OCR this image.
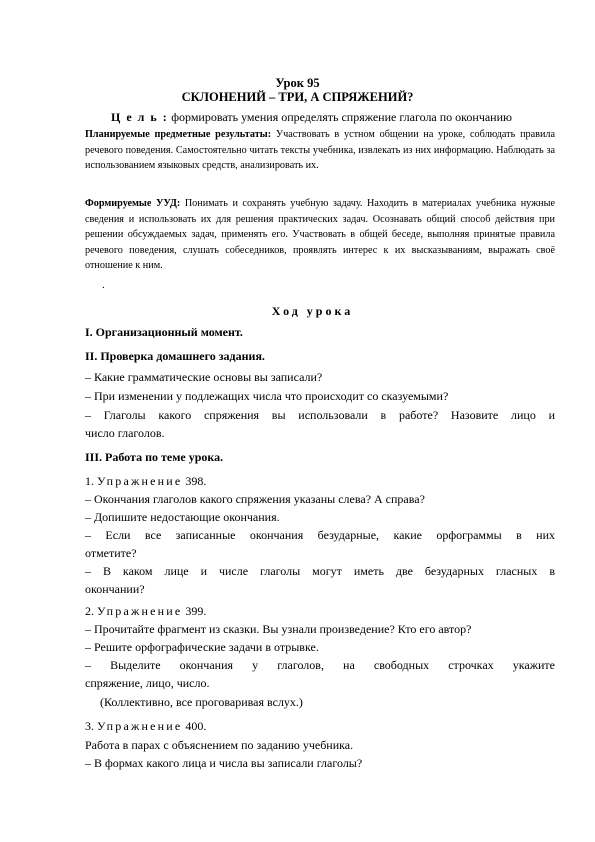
Урок 95
СКЛОНЕНИЙ – ТРИ, А СПРЯЖЕНИЙ?
Ц е л ь : формировать умения определять спряжение глагола по окончанию
Планируемые предметные результаты: Участвовать в устном общении на уроке, соблюдать правила речевого поведения. Самостоятельно читать тексты учебника, извлекать из них информацию. Наблюдать за использованием языковых средств, анализировать их.
Формируемые УУД: Понимать и сохранять учебную задачу. Находить в материалах учебника нужные сведения и использовать их для решения практических задач. Осознавать общий способ действия при решении обсуждаемых задач, применять его. Участвовать в общей беседе, выполняя принятые правила речевого поведения, слушать собеседников, проявлять интерес к их высказываниям, выражать своё отношение к ним.
.
Ход урока
I. Организационный момент.
II. Проверка домашнего задания.
– Какие грамматические основы вы записали?
– При изменении у подлежащих числа что происходит со сказуемыми?
– Глаголы какого спряжения вы использовали в работе? Назовите лицо и
число глаголов.
III. Работа по теме урока.
1. Упражнение 398.
– Окончания глаголов какого спряжения указаны слева? А справа?
– Допишите недостающие окончания.
– Если все записанные окончания безударные, какие орфограммы в них
отметите?
– В каком лице и числе глаголы могут иметь две безударных гласных в
окончании?
2. Упражнение 399.
– Прочитайте фрагмент из сказки. Вы узнали произведение? Кто его автор?
– Решите орфографические задачи в отрывке.
– Выделите окончания у глаголов, на свободных строчках укажите
спряжение, лицо, число.
(Коллективно, все проговаривая вслух.)
3. Упражнение 400.
Работа в парах с объяснением по заданию учебника.
– В формах какого лица и числа вы записали глаголы?
